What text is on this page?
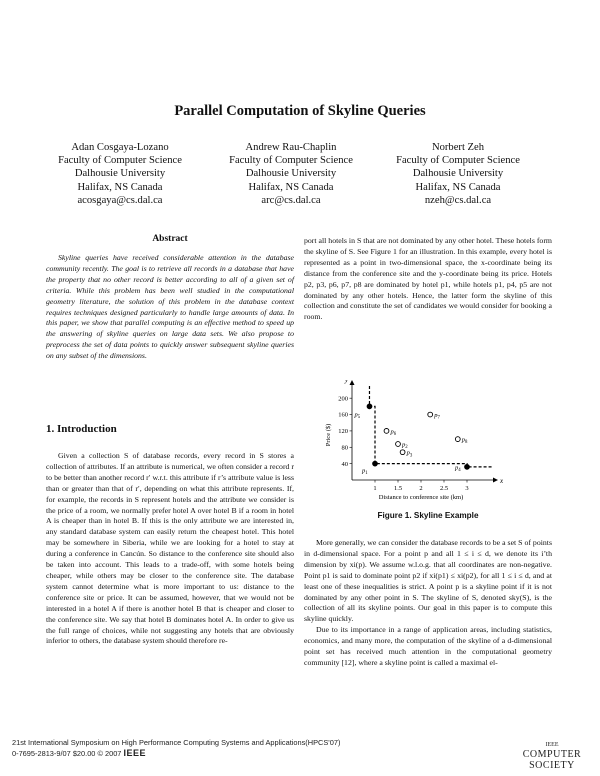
Parallel Computation of Skyline Queries
Adan Cosgaya-Lozano
Faculty of Computer Science
Dalhousie University
Halifax, NS Canada
acosgaya@cs.dal.ca
Andrew Rau-Chaplin
Faculty of Computer Science
Dalhousie University
Halifax, NS Canada
arc@cs.dal.ca
Norbert Zeh
Faculty of Computer Science
Dalhousie University
Halifax, NS Canada
nzeh@cs.dal.ca
Abstract

Skyline queries have received considerable attention in the database community recently. The goal is to retrieve all records in a database that have the property that no other record is better according to all of a given set of criteria. While this problem has been well studied in the computational geometry literature, the solution of this problem in the database context requires techniques designed particularly to handle large amounts of data. In this paper, we show that parallel computing is an effective method to speed up the answering of skyline queries on large data sets. We also propose to preprocess the set of data points to quickly answer subsequent skyline queries on any subset of the dimensions.

1. Introduction

Given a collection S of database records, every record in S stores a collection of attributes. If an attribute is numerical, we often consider a record r to be better than another record r′ w.r.t. this attribute if r’s attribute value is less than or greater than that of r′, depending on what this attribute represents. If, for example, the records in S represent hotels and the attribute we consider is the price of a room, we normally prefer hotel A over hotel B if a room in hotel A is cheaper than in hotel B. If this is the only attribute we are interested in, any standard database system can easily return the cheapest hotel. This hotel may be somewhere in Siberia, while we are looking for a hotel to stay at during a conference in Cancún. So distance to the conference site should also be taken into account. This leads to a trade-off, with some hotels being cheaper, while others may be closer to the conference site. The database system cannot determine what is more important to us: distance to the conference site or price. It can be assumed, however, that we would not be interested in a hotel A if there is another hotel B that is cheaper and closer to the conference site. We say that hotel B dominates hotel A. In order to give us the full range of choices, while not suggesting any hotels that are obviously inferior to others, the database system should therefore re-

port all hotels in S that are not dominated by any other hotel. These hotels form the skyline of S. See Figure 1 for an illustration. In this example, every hotel is represented as a point in two-dimensional space, the x-coordinate being its distance from the conference site and the y-coordinate being its price. Hotels p2, p3, p6, p7, p8 are dominated by hotel p1, while hotels p1, p4, p5 are not dominated by any other hotels. Hence, the latter form the skyline of this collection and constitute the set of candidates we would consider for booking a room.

x
y
1	1.5	2	2.5	3
40
80
120
160
200
Distance to conference site (km)
Price ($)
$p_1$
$p_2$
$p_3$
$p_4$
$p_5$
$p_6$
$p_7$
$p_8$
Figure 1. Skyline Example

More generally, we can consider the database records to be a set S of points in d-dimensional space. For a point p and all 1 ≤ i ≤ d, we denote its i’th dimension by xi(p). We assume w.l.o.g. that all coordinates are non-negative. Point p1 is said to dominate point p2 if xi(p1) ≤ xi(p2), for all 1 ≤ i ≤ d, and at least one of these inequalities is strict. A point p is a skyline point if it is not dominated by any other point in S. The skyline of S, denoted sky(S), is the collection of all its skyline points. Our goal in this paper is to compute this skyline quickly.

Due to its importance in a range of application areas, including statistics, economics, and many more, the computation of the skyline of a d-dimensional point set has received much attention in the computational geometry community [12], where a skyline point is called a maximal el-

21st International Symposium on High Performance Computing Systems and Applications(HPCS'07)
0-7695-2813-9/07 $20.00 © 2007 IEEE
IEEE
COMPUTER
SOCIETY
